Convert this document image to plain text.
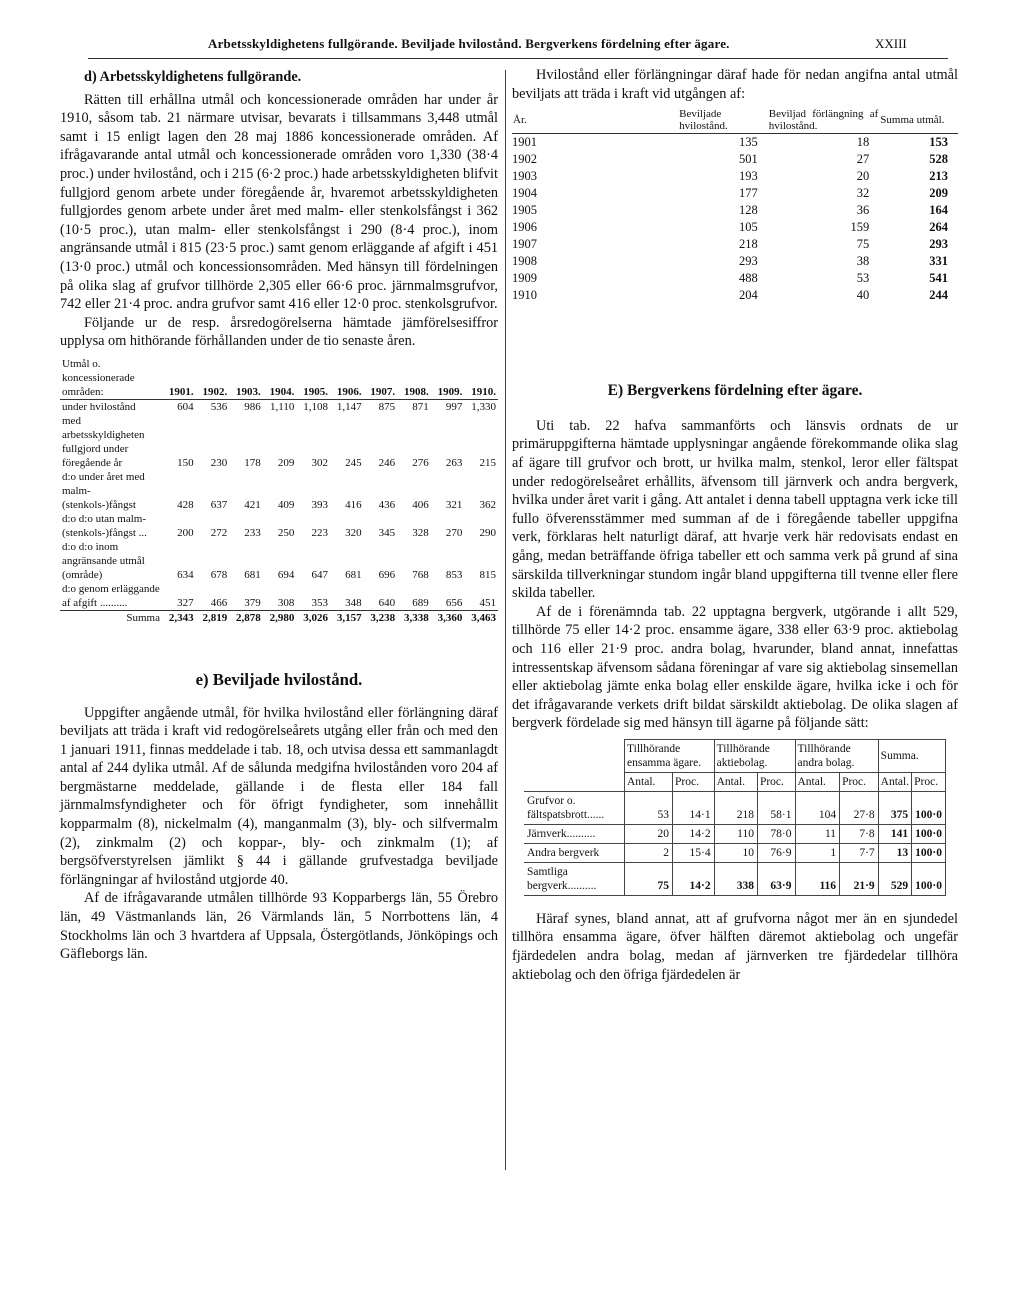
Arbetsskyldighetens fullgörande. Beviljade hvilostånd. Bergverkens fördelning efter ägare.	XXIII
d) Arbetsskyldighetens fullgörande.

Rätten till erhållna utmål och koncessionerade områden har under år 1910, såsom tab. 21 närmare utvisar, bevarats i tillsammans 3,448 utmål samt i 15 enligt lagen den 28 maj 1886 koncessionerade områden. Af ifrågavarande antal utmål och koncessionerade områden voro 1,330 (38·4 proc.) under hvilostånd, och i 215 (6·2 proc.) hade arbetsskyldigheten blifvit fullgjord genom arbete under föregående år, hvaremot arbetsskyldigheten fullgjordes genom arbete under året med malm- eller stenkolsfångst i 362 (10·5 proc.), utan malm- eller stenkolsfångst i 290 (8·4 proc.), inom angränsande utmål i 815 (23·5 proc.) samt genom erläggande af afgift i 451 (13·0 proc.) utmål och koncessionsområden. Med hänsyn till fördelningen på olika slag af grufvor tillhörde 2,305 eller 66·6 proc. järnmalmsgrufvor, 742 eller 21·4 proc. andra grufvor samt 416 eller 12·0 proc. stenkolsgrufvor.

Följande ur de resp. årsredogörelserna hämtade jämförelsesiffror upplysa om hithörande förhållanden under de tio senaste åren.

Utmål o. koncessionerade områden:	1901.	1902.	1903.	1904.	1905.	1906.	1907.	1908.	1909.	1910.
under hvilostånd	604	536	986	1,110	1,108	1,147	875	871	997	1,330
med arbetsskyldigheten fullgjord under föregående år	150	230	178	209	302	245	246	276	263	215
d:o under året med malm- (stenkols-)fångst	428	637	421	409	393	416	436	406	321	362
d:o d:o utan malm- (stenkols-)fångst ...	200	272	233	250	223	320	345	328	270	290
d:o d:o inom angränsande utmål (område)	634	678	681	694	647	681	696	768	853	815
d:o genom erläggande af afgift ..........	327	466	379	308	353	348	640	689	656	451
Summa	2,343	2,819	2,878	2,980	3,026	3,157	3,238	3,338	3,360	3,463
e) Beviljade hvilostånd.

Uppgifter angående utmål, för hvilka hvilostånd eller förlängning däraf beviljats att träda i kraft vid redogörelseårets utgång eller från och med den 1 januari 1911, finnas meddelade i tab. 18, och utvisa dessa ett sammanlagdt antal af 244 dylika utmål. Af de sålunda medgifna hvilostånden voro 204 af bergmästarne meddelade, gällande i de flesta eller 184 fall järnmalmsfyndigheter och för öfrigt fyndigheter, som innehållit kopparmalm (8), nickelmalm (4), manganmalm (3), bly- och silfvermalm (2), zinkmalm (2) och koppar-, bly- och zinkmalm (1); af bergsöfverstyrelsen jämlikt § 44 i gällande grufvestadga beviljade förlängningar af hvilostånd utgjorde 40.

Af de ifrågavarande utmålen tillhörde 93 Kopparbergs län, 55 Örebro län, 49 Västmanlands län, 26 Värmlands län, 5 Norrbottens län, 4 Stockholms län och 3 hvartdera af Uppsala, Östergötlands, Jönköpings och Gäfleborgs län.

Hvilostånd eller förlängningar däraf hade för nedan angifna antal utmål beviljats att träda i kraft vid utgången af:

År.	Beviljade hvilostånd.	Beviljad förlängning af hvilostånd.	Summa utmål.
1901	135	18	153
1902	501	27	528
1903	193	20	213
1904	177	32	209
1905	128	36	164
1906	105	159	264
1907	218	75	293
1908	293	38	331
1909	488	53	541
1910	204	40	244
E) Bergverkens fördelning efter ägare.

Uti tab. 22 hafva sammanförts och länsvis ordnats de ur primäruppgifterna hämtade upplysningar angående förekommande olika slag af ägare till grufvor och brott, ur hvilka malm, stenkol, leror eller fältspat under redogörelseåret erhållits, äfvensom till järnverk och andra bergverk, hvilka under året varit i gång. Att antalet i denna tabell upptagna verk icke till fullo öfverensstämmer med summan af de i föregående tabeller uppgifna verk, förklaras helt naturligt däraf, att hvarje verk här redovisats endast en gång, medan beträffande öfriga tabeller ett och samma verk på grund af sina särskilda tillverkningar stundom ingår bland uppgifterna till tvenne eller flere skilda tabeller.

Af de i förenämnda tab. 22 upptagna bergverk, utgörande i allt 529, tillhörde 75 eller 14·2 proc. ensamme ägare, 338 eller 63·9 proc. aktiebolag och 116 eller 21·9 proc. andra bolag, hvarunder, bland annat, innefattas intressentskap äfvensom sådana föreningar af vare sig aktiebolag sinsemellan eller aktiebolag jämte enka bolag eller enskilde ägare, hvilka icke i och för det ifrågavarande verkets drift bildat särskildt aktiebolag. De olika slagen af bergverk fördelade sig med hänsyn till ägarne på följande sätt:

	Tillhörande ensamma ägare.		Tillhörande aktiebolag.		Tillhörande andra bolag.		Summa.	
	Antal.	Proc.	Antal.	Proc.	Antal.	Proc.	Antal.	Proc.
Grufvor o. fältspatsbrott......	53	14·1	218	58·1	104	27·8	375	100·0
Järnverk..........	20	14·2	110	78·0	11	7·8	141	100·0
Andra bergverk	2	15·4	10	76·9	1	7·7	13	100·0
Samtliga bergverk..........	75	14·2	338	63·9	116	21·9	529	100·0

Häraf synes, bland annat, att af grufvorna något mer än en sjundedel tillhöra ensamma ägare, öfver hälften däremot aktiebolag och ungefär fjärdedelen andra bolag, medan af järnverken tre fjärdedelar tillhöra aktiebolag och den öfriga fjärdedelen är
